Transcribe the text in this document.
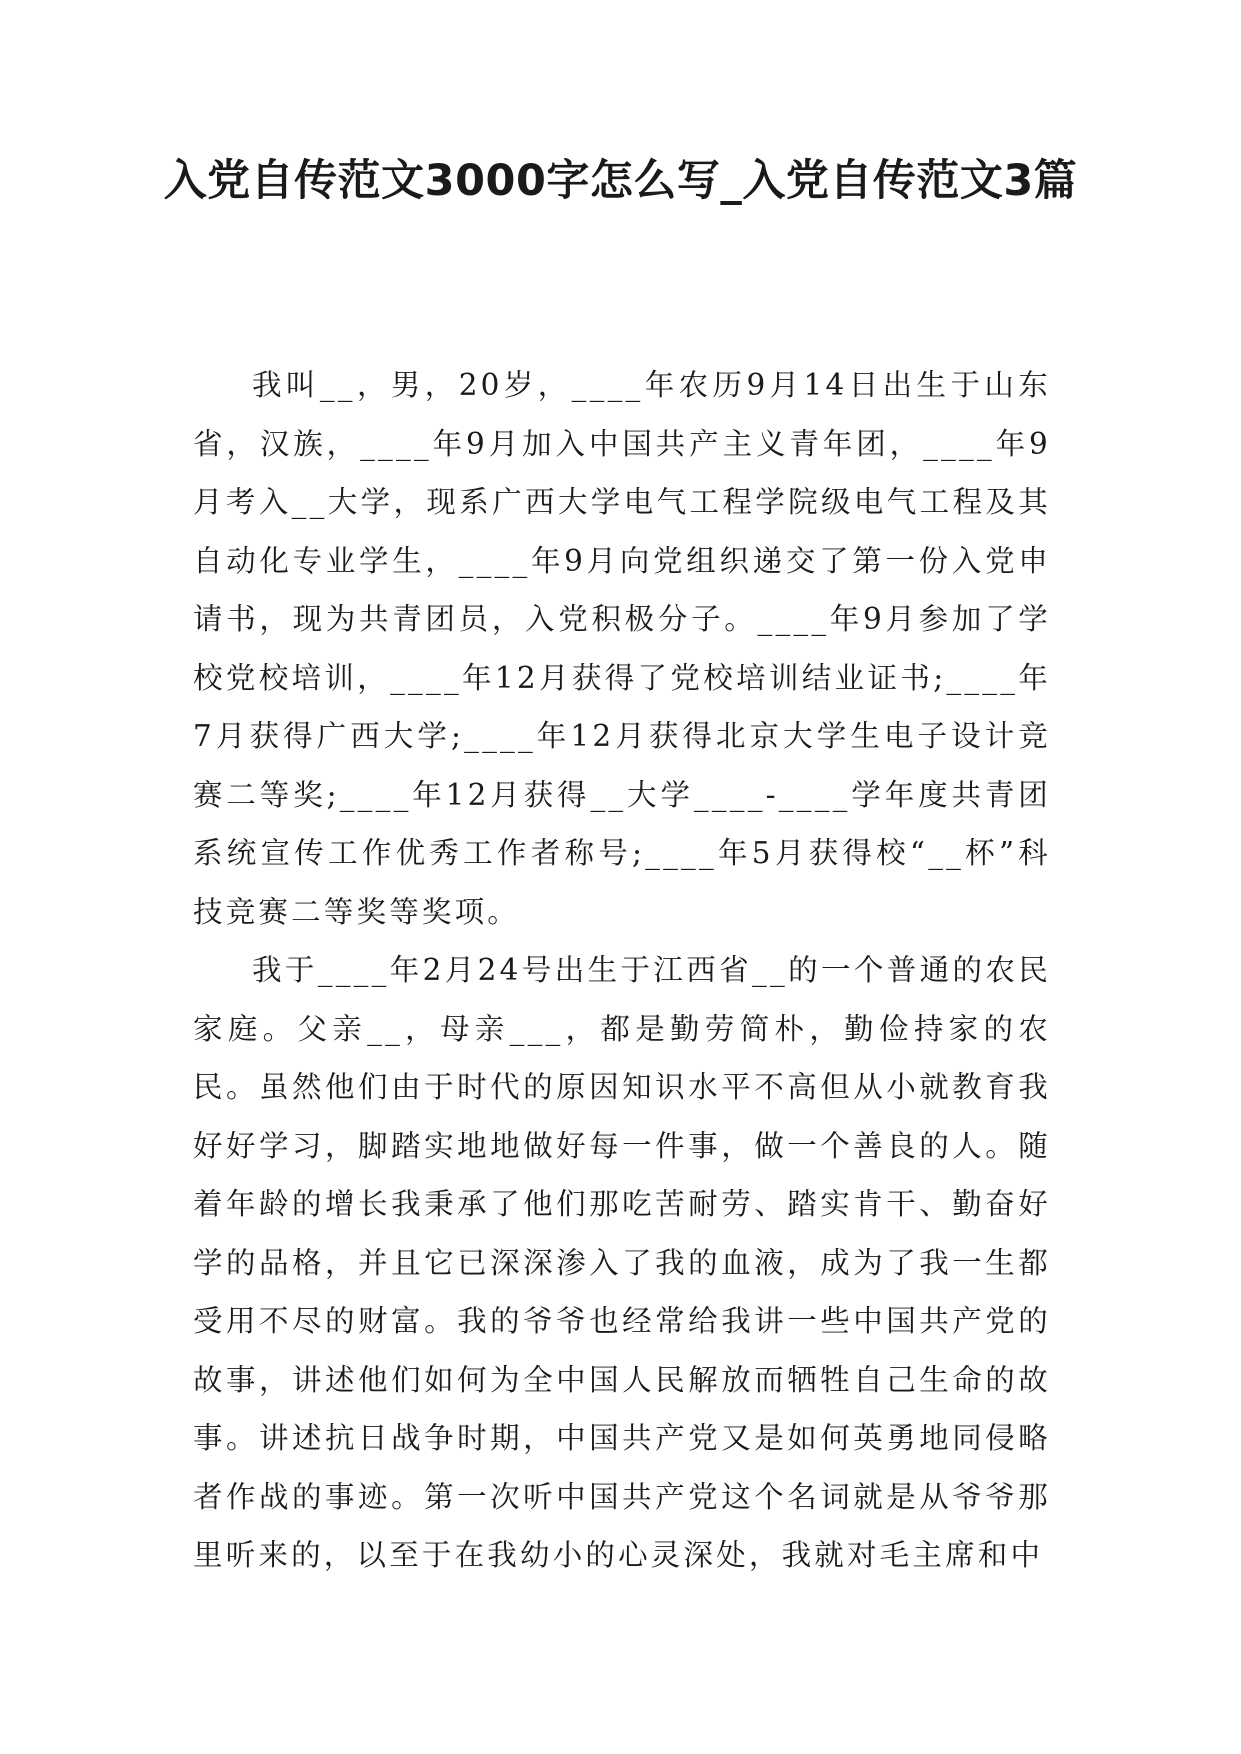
入党自传范文3000字怎么写_入党自传范文3篇

我叫__，男，20岁，____年农历9月14日出生于山东省，汉族，____年9月加入中国共产主义青年团，____年9月考入__大学，现系广西大学电气工程学院级电气工程及其自动化专业学生，____年9月向党组织递交了第一份入党申请书，现为共青团员，入党积极分子。____年9月参加了学校党校培训，____年12月获得了党校培训结业证书;____年7月获得广西大学;____年12月获得北京大学生电子设计竞赛二等奖;____年12月获得__大学____-____学年度共青团系统宣传工作优秀工作者称号;____年5月获得校“__杯”科技竞赛二等奖等奖项。

我于____年2月24号出生于江西省__的一个普通的农民家庭。父亲__，母亲___，都是勤劳简朴，勤俭持家的农民。虽然他们由于时代的原因知识水平不高但从小就教育我好好学习，脚踏实地地做好每一件事，做一个善良的人。随着年龄的增长我秉承了他们那吃苦耐劳、踏实肯干、勤奋好学的品格，并且它已深深渗入了我的血液，成为了我一生都受用不尽的财富。我的爷爷也经常给我讲一些中国共产党的故事，讲述他们如何为全中国人民解放而牺牲自己生命的故事。讲述抗日战争时期，中国共产党又是如何英勇地同侵略者作战的事迹。第一次听中国共产党这个名词就是从爷爷那里听来的，以至于在我幼小的心灵深处，我就对毛主席和中
